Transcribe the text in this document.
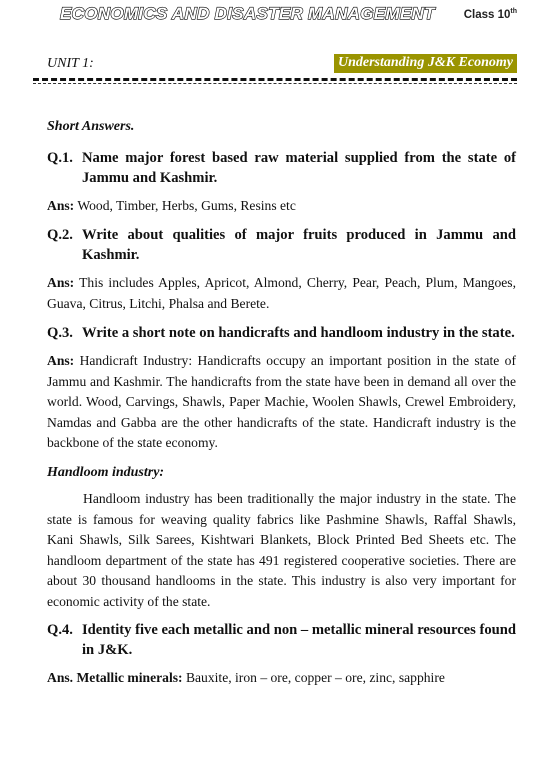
ECONOMICS AND DISASTER MANAGEMENT	Class 10th
UNIT 1:	Understanding J&K Economy
Short Answers.
Q.1. Name major forest based raw material supplied from the state of Jammu and Kashmir.
Ans: Wood, Timber, Herbs, Gums, Resins etc
Q.2. Write about qualities of major fruits produced in Jammu and Kashmir.
Ans: This includes Apples, Apricot, Almond, Cherry, Pear, Peach, Plum, Mangoes, Guava, Citrus, Litchi, Phalsa and Berete.
Q.3. Write a short note on handicrafts and handloom industry in the state.
Ans: Handicraft Industry: Handicrafts occupy an important position in the state of Jammu and Kashmir. The handicrafts from the state have been in demand all over the world. Wood, Carvings, Shawls, Paper Machie, Woolen Shawls, Crewel Embroidery, Namdas and Gabba are the other handicrafts of the state. Handicraft industry is the backbone of the state economy.
Handloom industry:
Handloom industry has been traditionally the major industry in the state. The state is famous for weaving quality fabrics like Pashmine Shawls, Raffal Shawls, Kani Shawls, Silk Sarees, Kishtwari Blankets, Block Printed Bed Sheets etc. The handloom department of the state has 491 registered cooperative societies. There are about 30 thousand handlooms in the state. This industry is also very important for economic activity of the state.
Q.4. Identity five each metallic and non – metallic mineral resources found in J&K.
Ans. Metallic minerals: Bauxite, iron – ore, copper – ore, zinc, sapphire
